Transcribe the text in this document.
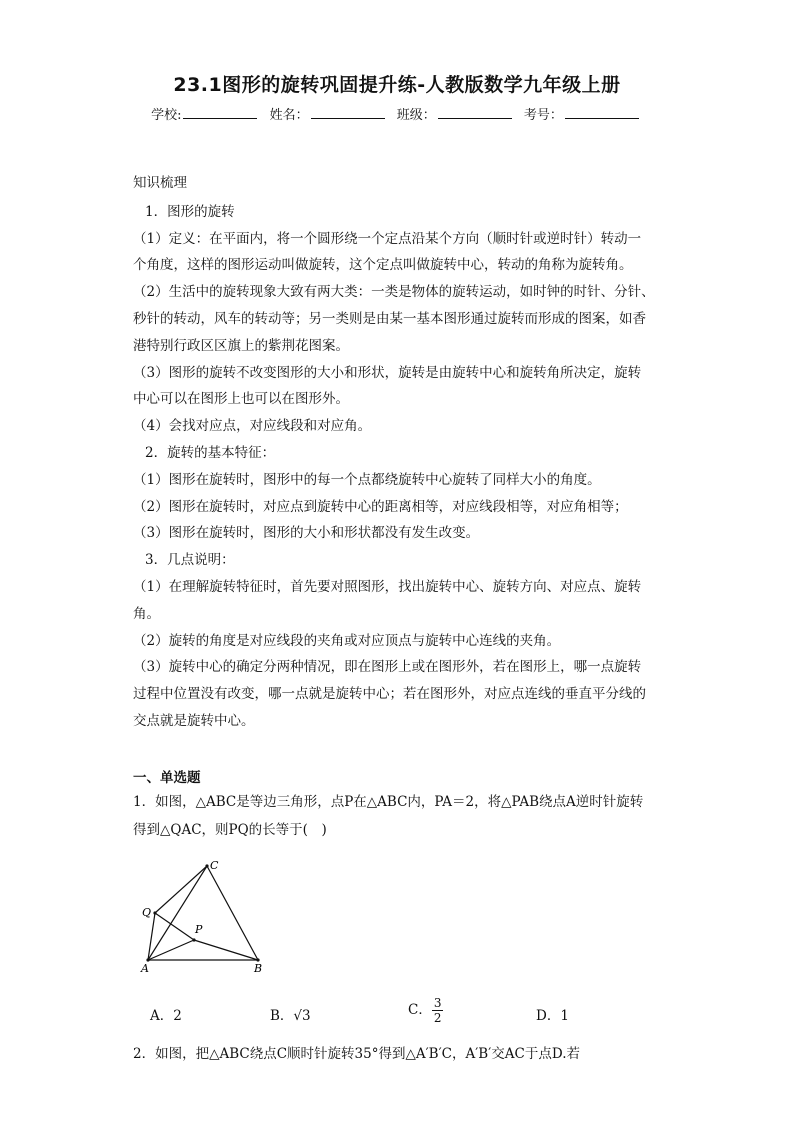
23.1图形的旋转巩固提升练-人教版数学九年级上册
学校:	姓名：	班级：	考号：

知识梳理

1．图形的旋转

（1）定义：在平面内，将一个圆形绕一个定点沿某个方向（顺时针或逆时针）转动一

个角度，这样的图形运动叫做旋转，这个定点叫做旋转中心，转动的角称为旋转角。

（2）生活中的旋转现象大致有两大类：一类是物体的旋转运动，如时钟的时针、分针、

秒针的转动，风车的转动等；另一类则是由某一基本图形通过旋转而形成的图案，如香

港特别行政区区旗上的紫荆花图案。

（3）图形的旋转不改变图形的大小和形状，旋转是由旋转中心和旋转角所决定，旋转

中心可以在图形上也可以在图形外。

（4）会找对应点，对应线段和对应角。

2．旋转的基本特征：

（1）图形在旋转时，图形中的每一个点都绕旋转中心旋转了同样大小的角度。

（2）图形在旋转时，对应点到旋转中心的距离相等，对应线段相等，对应角相等；

（3）图形在旋转时，图形的大小和形状都没有发生改变。

3．几点说明：

（1）在理解旋转特征时，首先要对照图形，找出旋转中心、旋转方向、对应点、旋转

角。

（2）旋转的角度是对应线段的夹角或对应顶点与旋转中心连线的夹角。

（3）旋转中心的确定分两种情况，即在图形上或在图形外，若在图形上，哪一点旋转

过程中位置没有改变，哪一点就是旋转中心；若在图形外，对应点连线的垂直平分线的

交点就是旋转中心。

一、单选题

1．如图，△ABC是等边三角形，点P在△ABC内，PA＝2，将△PAB绕点A逆时针旋转

得到△QAC，则PQ的长等于(　)

A	B
C
Q
P
A．2	B．√3	C． $\frac{3}{2}$	D．1

2．如图，把△ABC绕点C顺时针旋转35°得到△A′B′C，A′B′交AC于点D.若
